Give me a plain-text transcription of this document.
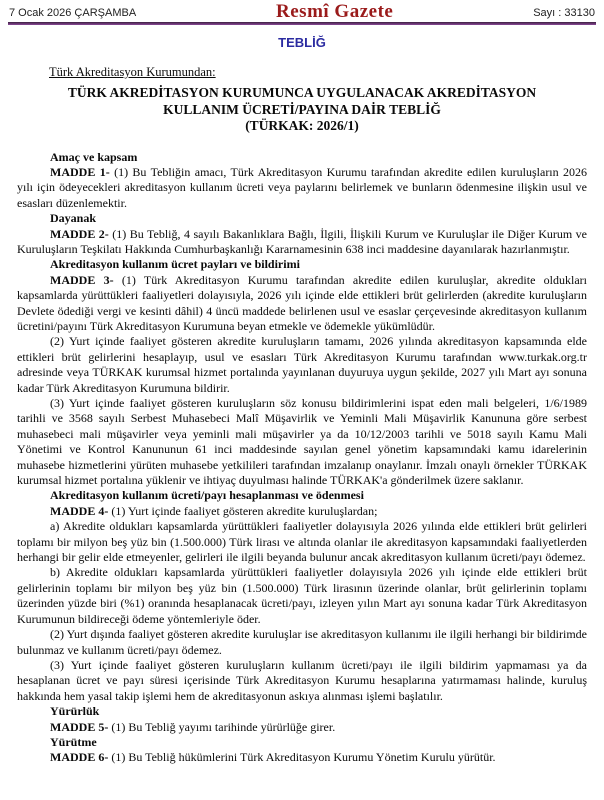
7 Ocak 2026 ÇARŞAMBA	Resmî Gazete	Sayı : 33130
TEBLİĞ
Türk Akreditasyon Kurumundan:
TÜRK AKREDİTASYON KURUMUNCA UYGULANACAK AKREDİTASYON
KULLANIM ÜCRETİ/PAYINA DAİR TEBLİĞ
(TÜRKAK: 2026/1)
Amaç ve kapsam

MADDE 1- (1) Bu Tebliğin amacı, Türk Akreditasyon Kurumu tarafından akredite edilen kuruluşların 2026 yılı için ödeyecekleri akreditasyon kullanım ücreti veya paylarını belirlemek ve bunların ödenmesine ilişkin usul ve esasları düzenlemektir.

Dayanak

MADDE 2- (1) Bu Tebliğ, 4 sayılı Bakanlıklara Bağlı, İlgili, İlişkili Kurum ve Kuruluşlar ile Diğer Kurum ve Kuruluşların Teşkilatı Hakkında Cumhurbaşkanlığı Kararnamesinin 638 inci maddesine dayanılarak hazırlanmıştır.

Akreditasyon kullanım ücret payları ve bildirimi

MADDE 3- (1) Türk Akreditasyon Kurumu tarafından akredite edilen kuruluşlar, akredite oldukları kapsamlarda yürüttükleri faaliyetleri dolayısıyla, 2026 yılı içinde elde ettikleri brüt gelirlerden (akredite kuruluşların Devlete ödediği vergi ve kesinti dâhil) 4 üncü maddede belirlenen usul ve esaslar çerçevesinde akreditasyon kullanım ücretini/payını Türk Akreditasyon Kurumuna beyan etmekle ve ödemekle yükümlüdür.

(2) Yurt içinde faaliyet gösteren akredite kuruluşların tamamı, 2026 yılında akreditasyon kapsamında elde ettikleri brüt gelirlerini hesaplayıp, usul ve esasları Türk Akreditasyon Kurumu tarafından www.turkak.org.tr adresinde veya TÜRKAK kurumsal hizmet portalında yayınlanan duyuruya uygun şekilde, 2027 yılı Mart ayı sonuna kadar Türk Akreditasyon Kurumuna bildirir.

(3) Yurt içinde faaliyet gösteren kuruluşların söz konusu bildirimlerini ispat eden mali belgeleri, 1/6/1989 tarihli ve 3568 sayılı Serbest Muhasebeci Malî Müşavirlik ve Yeminli Mali Müşavirlik Kanununa göre serbest muhasebeci mali müşavirler veya yeminli mali müşavirler ya da 10/12/2003 tarihli ve 5018 sayılı Kamu Mali Yönetimi ve Kontrol Kanununun 61 inci maddesinde sayılan genel yönetim kapsamındaki kamu idarelerinin muhasebe hizmetlerini yürüten muhasebe yetkilileri tarafından imzalanıp onaylanır. İmzalı onaylı örnekler TÜRKAK kurumsal hizmet portalına yüklenir ve ihtiyaç duyulması halinde TÜRKAK'a gönderilmek üzere saklanır.

Akreditasyon kullanım ücreti/payı hesaplanması ve ödenmesi

MADDE 4- (1) Yurt içinde faaliyet gösteren akredite kuruluşlardan;

a) Akredite oldukları kapsamlarda yürüttükleri faaliyetler dolayısıyla 2026 yılında elde ettikleri brüt gelirleri toplamı bir milyon beş yüz bin (1.500.000) Türk lirası ve altında olanlar ile akreditasyon kapsamındaki faaliyetlerden herhangi bir gelir elde etmeyenler, gelirleri ile ilgili beyanda bulunur ancak akreditasyon kullanım ücreti/payı ödemez.

b) Akredite oldukları kapsamlarda yürüttükleri faaliyetler dolayısıyla 2026 yılı içinde elde ettikleri brüt gelirlerinin toplamı bir milyon beş yüz bin (1.500.000) Türk lirasının üzerinde olanlar, brüt gelirlerinin toplamı üzerinden yüzde biri (%1) oranında hesaplanacak ücreti/payı, izleyen yılın Mart ayı sonuna kadar Türk Akreditasyon Kurumunun bildireceği ödeme yöntemleriyle öder.

(2) Yurt dışında faaliyet gösteren akredite kuruluşlar ise akreditasyon kullanımı ile ilgili herhangi bir bildirimde bulunmaz ve kullanım ücreti/payı ödemez.

(3) Yurt içinde faaliyet gösteren kuruluşların kullanım ücreti/payı ile ilgili bildirim yapmaması ya da hesaplanan ücret ve payı süresi içerisinde Türk Akreditasyon Kurumu hesaplarına yatırmaması halinde, kuruluş hakkında hem yasal takip işlemi hem de akreditasyonun askıya alınması işlemi başlatılır.

Yürürlük

MADDE 5- (1) Bu Tebliğ yayımı tarihinde yürürlüğe girer.

Yürütme

MADDE 6- (1) Bu Tebliğ hükümlerini Türk Akreditasyon Kurumu Yönetim Kurulu yürütür.
